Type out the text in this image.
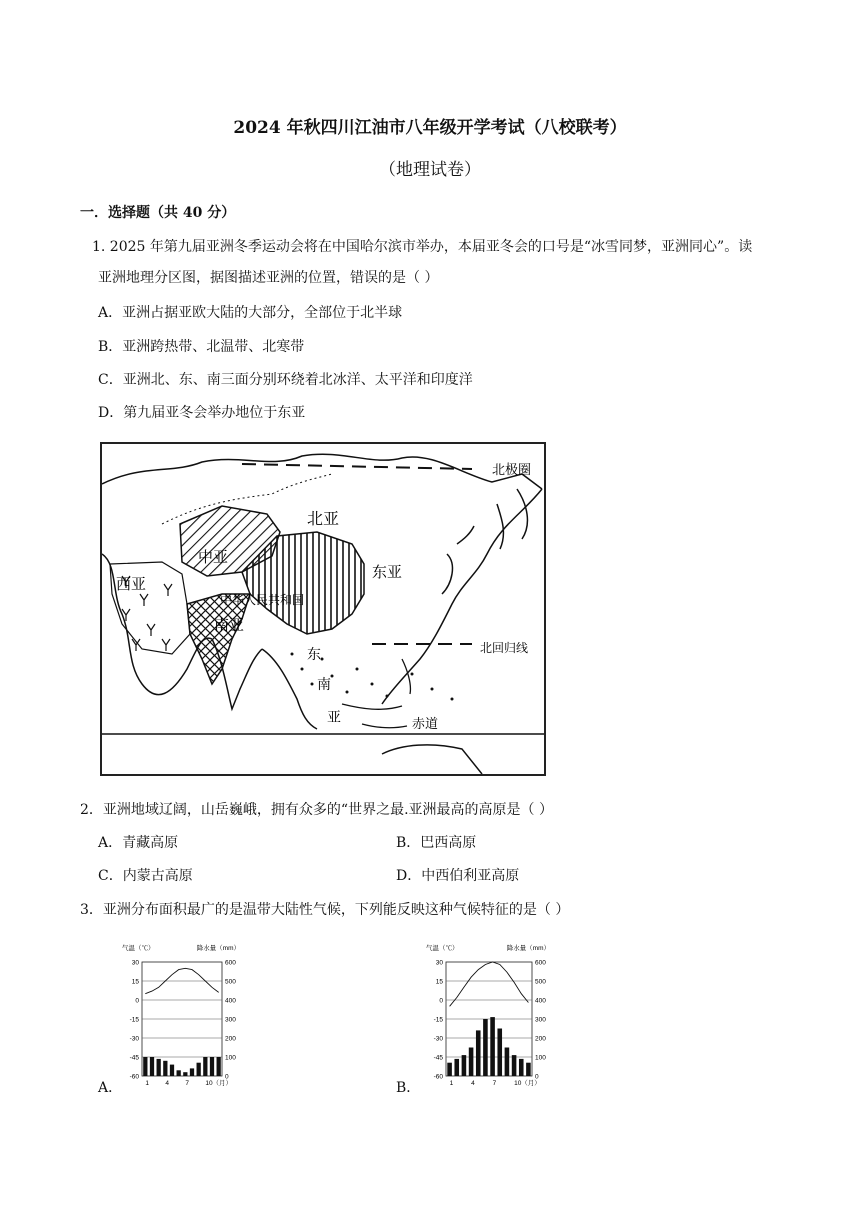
2024 年秋四川江油市八年级开学考试（八校联考）
（地理试卷）
一．选择题（共 40 分）
1. 2025 年第九届亚洲冬季运动会将在中国哈尔滨市举办，本届亚冬会的口号是“冰雪同梦，亚洲同心”。读
亚洲地理分区图，据图描述亚洲的位置，错误的是（ ）
A．亚洲占据亚欧大陆的大部分，全部位于北半球
B．亚洲跨热带、北温带、北寒带
C．亚洲北、东、南三面分别环绕着北冰洋、太平洋和印度洋
D．第九届亚冬会举办地位于东亚
北极圈
北亚
中亚
西亚
东亚
中华人民共和国
南亚
北回归线
东
南
亚	赤道
2．亚洲地域辽阔，山岳巍峨，拥有众多的“世界之最.亚洲最高的高原是（ ）
A．青藏高原	B．巴西高原
C．内蒙古高原	D．中西伯利亚高原
3．亚洲分布面积最广的是温带大陆性气候，下列能反映这种气候特征的是（ ）
气温（℃）	降水量（mm）
30	600
15	500
0	400
-15	300
-30	200
-45	100
-60	0
1	4	7	10（月）
A．
气温（℃）	降水量（mm）
30	600
15	500
0	400
-15	300
-30	200
-45	100
-60	0
1	4	7	10（月）
B．
